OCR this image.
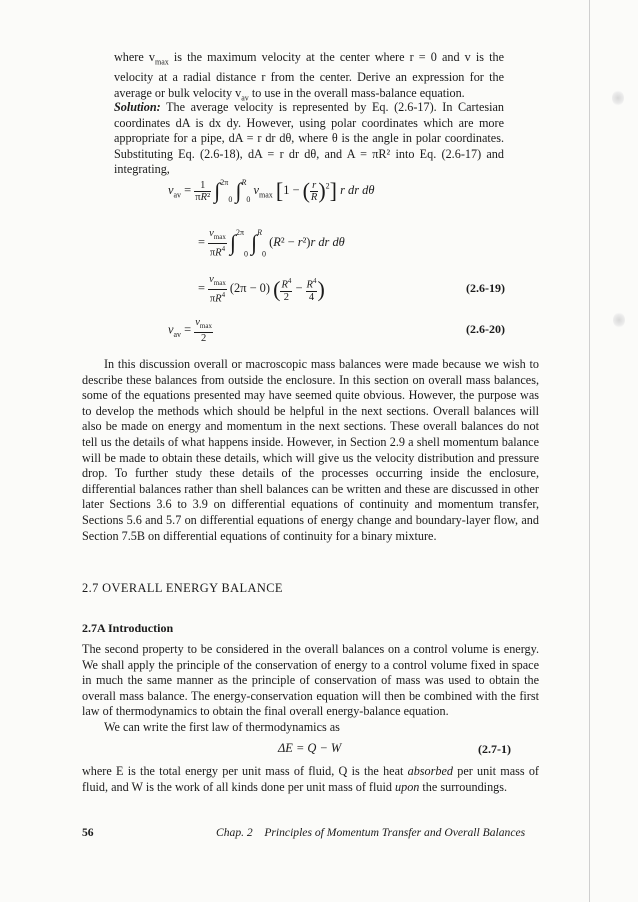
where $v_{max}$ is the maximum velocity at the center where r = 0 and v is the velocity at a radial distance r from the center. Derive an expression for the average or bulk velocity $v_{av}$ to use in the overall mass-balance equation.

Solution: The average velocity is represented by Eq. (2.6-17). In Cartesian coordinates dA is dx dy. However, using polar coordinates which are more appropriate for a pipe, dA = r dr dθ, where θ is the angle in polar coordinates. Substituting Eq. (2.6-18), dA = r dr dθ, and A = πR² into Eq. (2.6-17) and integrating,

$v_{av} = \frac{1}{\text{πR²}} \int^{2\pi}0$ ∫$^R$0 $v_{max}$ [1 − ( $\frac{r}{R} )^2$] r dr dθ
= $\frac{v_{max}}{\pi R^4} \int^{2\pi}0$ ∫$^R$0 (R² − r²)r dr dθ
= $\frac{v_{max}}{\pi R^4} (2\pi - 0)$ ( $\frac{R^4}{2} - \frac{R^4}{4}$ )	(2.6-19)
$v_{av} = \frac{v_{max}}{2}$	(2.6-20)

In this discussion overall or macroscopic mass balances were made because we wish to describe these balances from outside the enclosure. In this section on overall mass balances, some of the equations presented may have seemed quite obvious. However, the purpose was to develop the methods which should be helpful in the next sections. Overall balances will also be made on energy and momentum in the next sections. These overall balances do not tell us the details of what happens inside. However, in Section 2.9 a shell momentum balance will be made to obtain these details, which will give us the velocity distribution and pressure drop. To further study these details of the processes occurring inside the enclosure, differential balances rather than shell balances can be written and these are discussed in other later Sections 3.6 to 3.9 on differential equations of continuity and momentum transfer, Sections 5.6 and 5.7 on differential equations of energy change and boundary-layer flow, and Section 7.5B on differential equations of continuity for a binary mixture.

2.7 OVERALL ENERGY BALANCE
2.7A Introduction

The second property to be considered in the overall balances on a control volume is energy. We shall apply the principle of the conservation of energy to a control volume fixed in space in much the same manner as the principle of conservation of mass was used to obtain the overall mass balance. The energy-conservation equation will then be combined with the first law of thermodynamics to obtain the final overall energy-balance equation.

We can write the first law of thermodynamics as

ΔE = Q − W	(2.7-1)

where E is the total energy per unit mass of fluid, Q is the heat absorbed per unit mass of fluid, and W is the work of all kinds done per unit mass of fluid upon the surroundings.

56	Chap. 2 Principles of Momentum Transfer and Overall Balances
